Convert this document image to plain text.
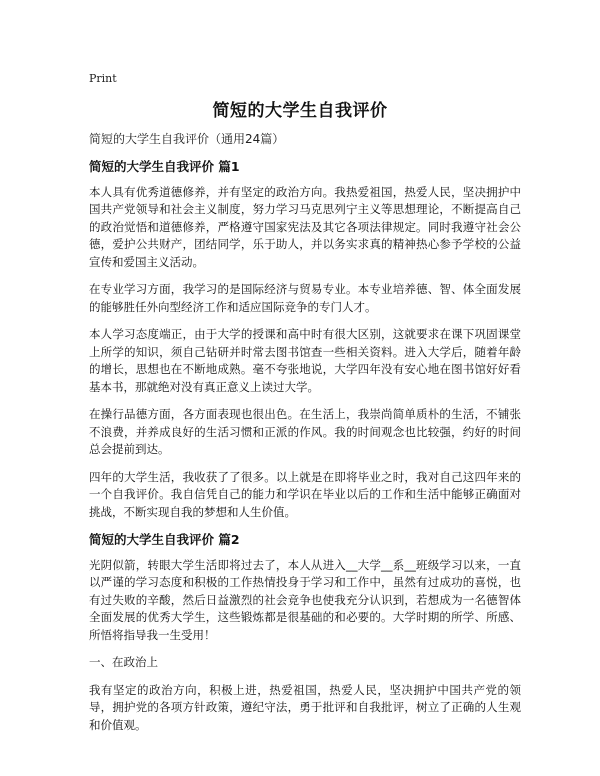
Print
简短的大学生自我评价
简短的大学生自我评价（通用24篇）
简短的大学生自我评价 篇1

本人具有优秀道德修养，并有坚定的政治方向。我热爱祖国，热爱人民，坚决拥护中国共产党领导和社会主义制度，努力学习马克思列宁主义等思想理论，不断提高自己的政治觉悟和道德修养，严格遵守国家宪法及其它各项法律规定。同时我遵守社会公德，爱护公共财产，团结同学，乐于助人，并以务实求真的精神热心参予学校的公益宣传和爱国主义活动。

在专业学习方面，我学习的是国际经济与贸易专业。本专业培养德、智、体全面发展的能够胜任外向型经济工作和适应国际竞争的专门人才。

本人学习态度端正，由于大学的授课和高中时有很大区别，这就要求在课下巩固课堂上所学的知识，须自己钻研并时常去图书馆查一些相关资料。进入大学后，随着年龄的增长，思想也在不断地成熟。毫不夸张地说，大学四年没有安心地在图书馆好好看基本书，那就绝对没有真正意义上读过大学。

在操行品德方面，各方面表现也很出色。在生活上，我崇尚简单质朴的生活，不铺张不浪费，并养成良好的生活习惯和正派的作风。我的时间观念也比较强，约好的时间总会提前到达。

四年的大学生活，我收获了了很多。以上就是在即将毕业之时，我对自己这四年来的一个自我评价。我自信凭自己的能力和学识在毕业以后的工作和生活中能够正确面对挑战，不断实现自我的梦想和人生价值。

简短的大学生自我评价 篇2

光阴似箭，转眼大学生活即将过去了，本人从进入__大学__系__班级学习以来，一直以严谨的学习态度和积极的工作热情投身于学习和工作中，虽然有过成功的喜悦，也有过失败的辛酸，然后日益激烈的社会竞争也使我充分认识到，若想成为一名德智体全面发展的优秀大学生，这些锻炼都是很基础的和必要的。大学时期的所学、所感、所悟将指导我一生受用！

一、在政治上

我有坚定的政治方向，积极上进，热爱祖国，热爱人民，坚决拥护中国共产党的领导，拥护党的各项方针政策，遵纪守法，勇于批评和自我批评，树立了正确的人生观和价值观。
